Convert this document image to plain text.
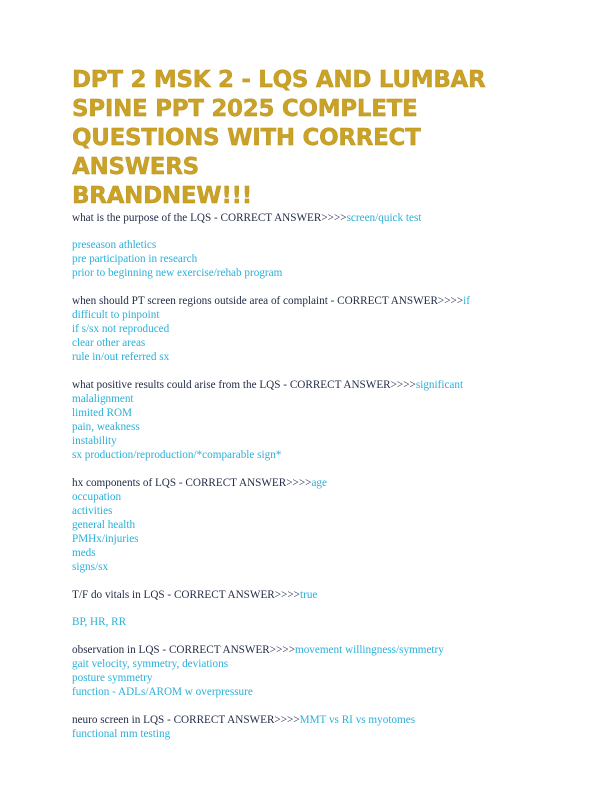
DPT 2 MSK 2 - LQS AND LUMBAR
SPINE PPT 2025 COMPLETE
QUESTIONS WITH CORRECT ANSWERS
BRANDNEW!!!
what is the purpose of the LQS - CORRECT ANSWER>>>>screen/quick test
preseason athletics
pre participation in research
prior to beginning new exercise/rehab program
when should PT screen regions outside area of complaint - CORRECT ANSWER>>>>if
difficult to pinpoint
if s/sx not reproduced
clear other areas
rule in/out referred sx
what positive results could arise from the LQS - CORRECT ANSWER>>>>significant
malalignment
limited ROM
pain, weakness
instability
sx production/reproduction/*comparable sign*
hx components of LQS - CORRECT ANSWER>>>>age
occupation
activities
general health
PMHx/injuries
meds
signs/sx
T/F do vitals in LQS - CORRECT ANSWER>>>>true
BP, HR, RR
observation in LQS - CORRECT ANSWER>>>>movement willingness/symmetry
gait velocity, symmetry, deviations
posture symmetry
function - ADLs/AROM w overpressure
neuro screen in LQS - CORRECT ANSWER>>>>MMT vs RI vs myotomes
functional mm testing
